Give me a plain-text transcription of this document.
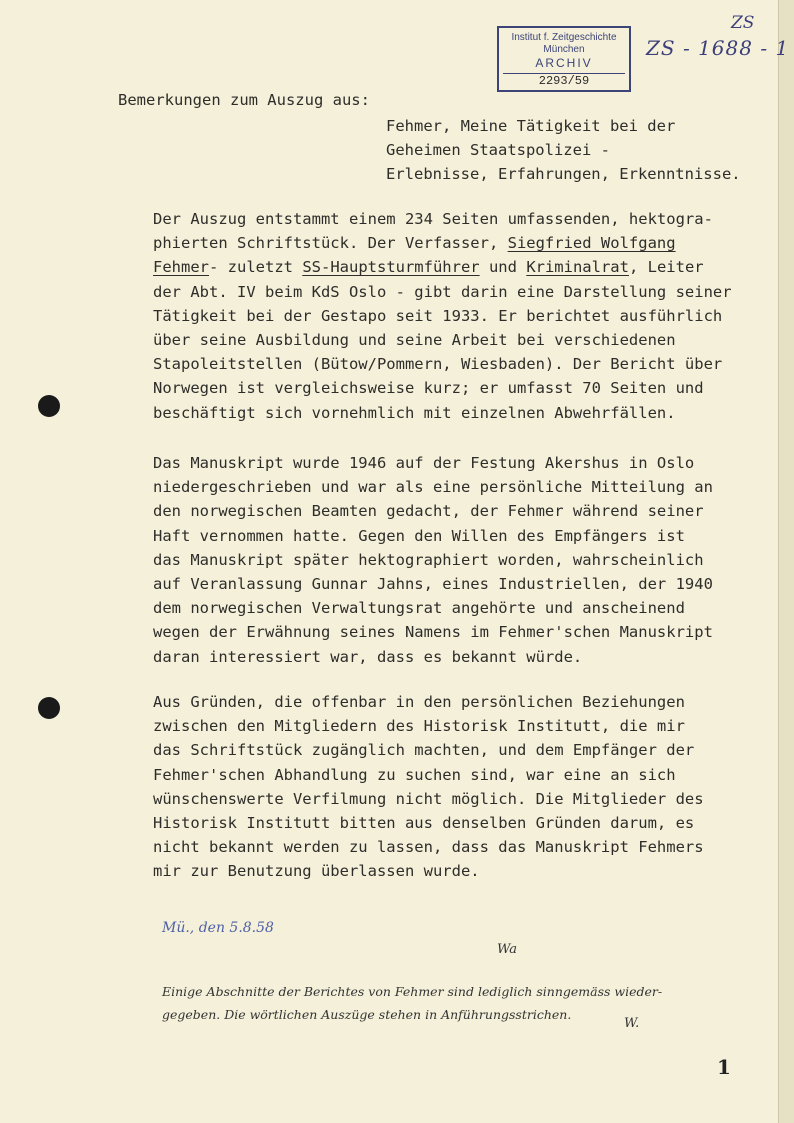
Institut f. Zeitgeschichte
München
ARCHIV
2293/59
ZS
ZS - 1688 - 1
Bemerkungen zum Auszug aus:
Fehmer, Meine Tätigkeit bei der
Geheimen Staatspolizei -
Erlebnisse, Erfahrungen, Erkenntnisse.
Der Auszug entstammt einem 234 Seiten umfassenden, hektogra-
phierten Schriftstück. Der Verfasser, Siegfried Wolfgang
Fehmer- zuletzt SS-Hauptsturmführer und Kriminalrat, Leiter
der Abt. IV beim KdS Oslo - gibt darin eine Darstellung seiner
Tätigkeit bei der Gestapo seit 1933. Er berichtet ausführlich
über seine Ausbildung und seine Arbeit bei verschiedenen
Stapoleitstellen (Bütow/Pommern, Wiesbaden). Der Bericht über
Norwegen ist vergleichsweise kurz; er umfasst 70 Seiten und
beschäftigt sich vornehmlich mit einzelnen Abwehrfällen.
Das Manuskript wurde 1946 auf der Festung Akershus in Oslo
niedergeschrieben und war als eine persönliche Mitteilung an
den norwegischen Beamten gedacht, der Fehmer während seiner
Haft vernommen hatte. Gegen den Willen des Empfängers ist
das Manuskript später hektographiert worden, wahrscheinlich
auf Veranlassung Gunnar Jahns, eines Industriellen, der 1940
dem norwegischen Verwaltungsrat angehörte und anscheinend
wegen der Erwähnung seines Namens im Fehmer'schen Manuskript
daran interessiert war, dass es bekannt würde.
Aus Gründen, die offenbar in den persönlichen Beziehungen
zwischen den Mitgliedern des Historisk Institutt, die mir
das Schriftstück zugänglich machten, und dem Empfänger der
Fehmer'schen Abhandlung zu suchen sind, war eine an sich
wünschenswerte Verfilmung nicht möglich. Die Mitglieder des
Historisk Institutt bitten aus denselben Gründen darum, es
nicht bekannt werden zu lassen, dass das Manuskript Fehmers
mir zur Benutzung überlassen wurde.
Mü., den 5.8.58
Wa
Einige Abschnitte der Berichtes von Fehmer sind lediglich sinngemäss wieder-
gegeben. Die wörtlichen Auszüge stehen in Anführungsstrichen.
W.
1
